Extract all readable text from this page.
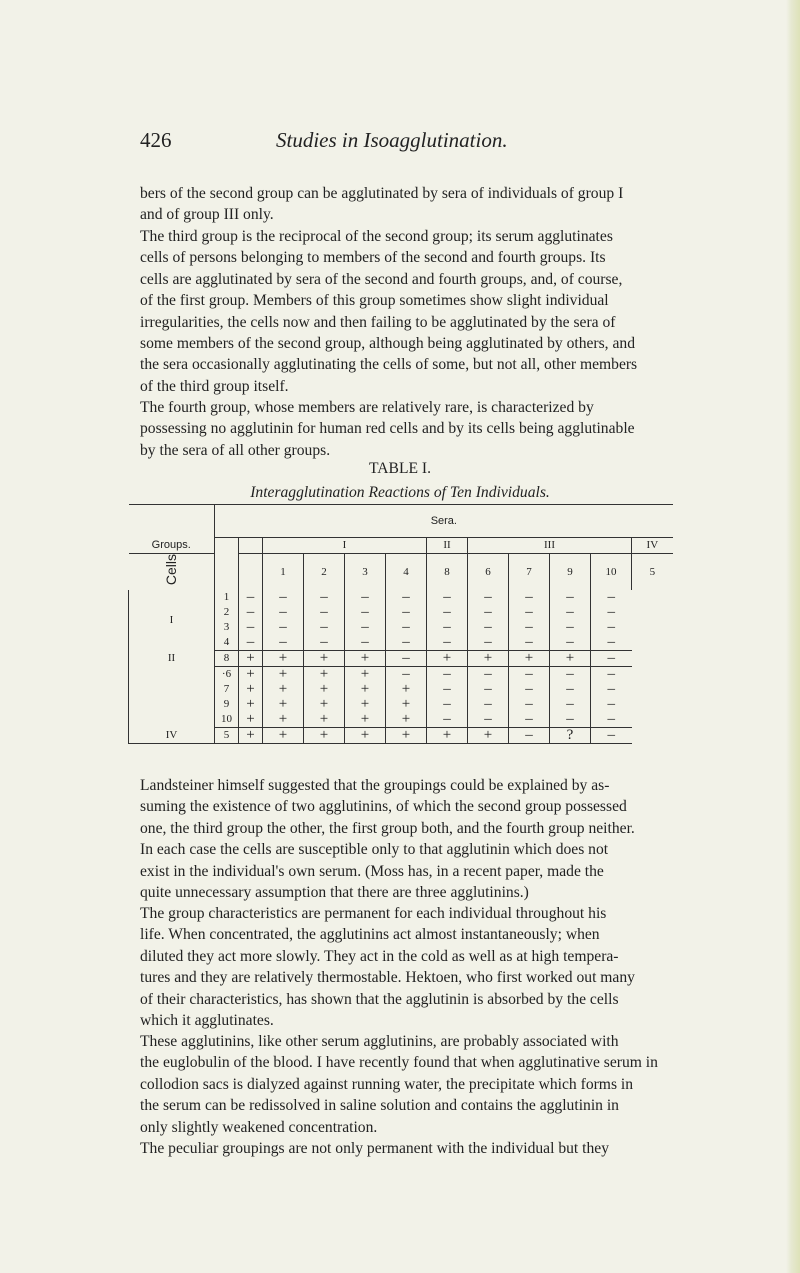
426	Studies in Isoagglutination.

bers of the second group can be agglutinated by sera of individuals of group I
and of group III only.

The third group is the reciprocal of the second group; its serum agglutinates
cells of persons belonging to members of the second and fourth groups. Its
cells are agglutinated by sera of the second and fourth groups, and, of course,
of the first group. Members of this group sometimes show slight individual
irregularities, the cells now and then failing to be agglutinated by the sera of
some members of the second group, although being agglutinated by others, and
the sera occasionally agglutinating the cells of some, but not all, other members
of the third group itself.

The fourth group, whose members are relatively rare, is characterized by
possessing no agglutinin for human red cells and by its cells being agglutinable
by the sera of all other groups.

TABLE I.
Interagglutination Reactions of Ten Individuals.
	Sera.											
Groups.			I				II	III				IV
Cells			1	2	3	4	8	6	7	9	10	5
I	1	–	–	–	–	–	–	–	–	–	–	
	2	–	–	–	–	–	–	–	–	–	–	
	3	–	–	–	–	–	–	–	–	–	–	
	4	–	–	–	–	–	–	–	–	–	–	
II	8	+	+	+	+	–	+	+	+	+	–	
	·6	+	+	+	+	–	–	–	–	–	–	
	7	+	+	+	+	+	–	–	–	–	–	
	9	+	+	+	+	+	–	–	–	–	–	
	10	+	+	+	+	+	–	–	–	–	–	
IV	5	+	+	+	+	+	+	+	–	?	–	

Landsteiner himself suggested that the groupings could be explained by as-
suming the existence of two agglutinins, of which the second group possessed
one, the third group the other, the first group both, and the fourth group neither.
In each case the cells are susceptible only to that agglutinin which does not
exist in the individual's own serum. (Moss has, in a recent paper, made the
quite unnecessary assumption that there are three agglutinins.)

The group characteristics are permanent for each individual throughout his
life. When concentrated, the agglutinins act almost instantaneously; when
diluted they act more slowly. They act in the cold as well as at high tempera-
tures and they are relatively thermostable. Hektoen, who first worked out many
of their characteristics, has shown that the agglutinin is absorbed by the cells
which it agglutinates.

These agglutinins, like other serum agglutinins, are probably associated with
the euglobulin of the blood. I have recently found that when agglutinative serum in
collodion sacs is dialyzed against running water, the precipitate which forms in
the serum can be redissolved in saline solution and contains the agglutinin in
only slightly weakened concentration.

The peculiar groupings are not only permanent with the individual but they
